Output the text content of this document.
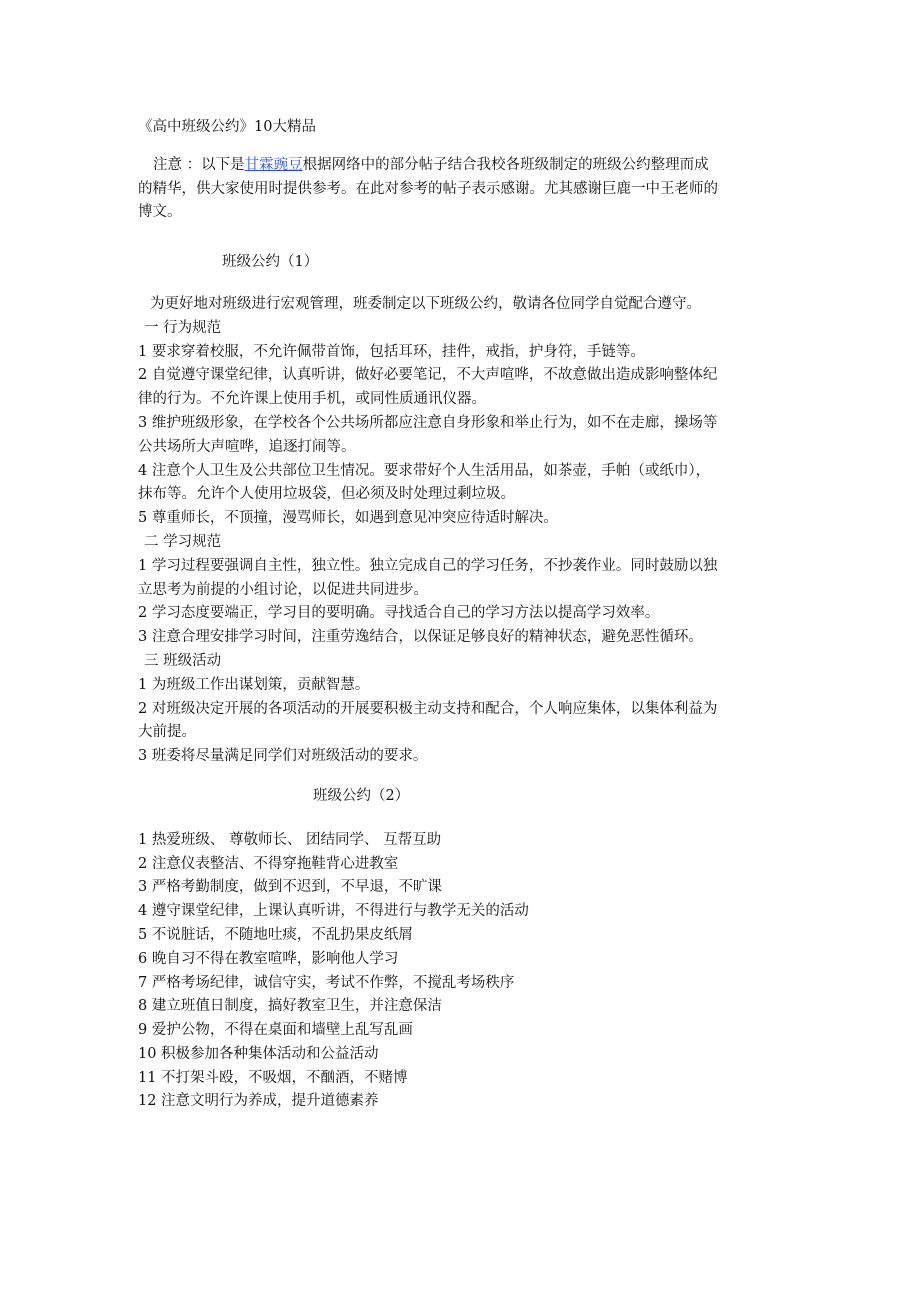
《高中班级公约》10大精品
注意 ：以下是甘霖豌豆根据网络中的部分帖子结合我校各班级制定的班级公约整理而成
的精华，供大家使用时提供参考。在此对参考的帖子表示感谢。尤其感谢巨鹿一中王老师的
博文。
班级公约（1）
为更好地对班级进行宏观管理，班委制定以下班级公约，敬请各位同学自觉配合遵守。
一 行为规范
1 要求穿着校服，不允许佩带首饰，包括耳环，挂件，戒指，护身符，手链等。
2 自觉遵守课堂纪律，认真听讲，做好必要笔记，不大声喧哗，不故意做出造成影响整体纪
律的行为。不允许课上使用手机，或同性质通讯仪器。
3 维护班级形象，在学校各个公共场所都应注意自身形象和举止行为，如不在走廊，操场等
公共场所大声喧哗，追逐打闹等。
4 注意个人卫生及公共部位卫生情况。要求带好个人生活用品，如茶壶，手帕（或纸巾），
抹布等。允许个人使用垃圾袋，但必须及时处理过剩垃圾。
5 尊重师长，不顶撞，漫骂师长，如遇到意见冲突应待适时解决。
二 学习规范
1 学习过程要强调自主性，独立性。独立完成自己的学习任务，不抄袭作业。同时鼓励以独
立思考为前提的小组讨论，以促进共同进步。
2 学习态度要端正，学习目的要明确。寻找适合自己的学习方法以提高学习效率。
3 注意合理安排学习时间，注重劳逸结合，以保证足够良好的精神状态，避免恶性循环。
三 班级活动
1 为班级工作出谋划策，贡献智慧。
2 对班级决定开展的各项活动的开展要积极主动支持和配合，个人响应集体，以集体利益为
大前提。
3 班委将尽量满足同学们对班级活动的要求。
班级公约（2）
1 热爱班级、 尊敬师长、 团结同学、 互帮互助
2 注意仪表整洁、不得穿拖鞋背心进教室
3 严格考勤制度，做到不迟到，不早退，不旷课
4 遵守课堂纪律，上课认真听讲，不得进行与教学无关的活动
5 不说脏话，不随地吐痰，不乱扔果皮纸屑
6 晚自习不得在教室喧哗，影响他人学习
7 严格考场纪律，诚信守实，考试不作弊，不搅乱考场秩序
8 建立班值日制度，搞好教室卫生，并注意保洁
9 爱护公物，不得在桌面和墙壁上乱写乱画
10 积极参加各种集体活动和公益活动
11 不打架斗殴，不吸烟，不酗酒，不赌博
12 注意文明行为养成，提升道德素养
